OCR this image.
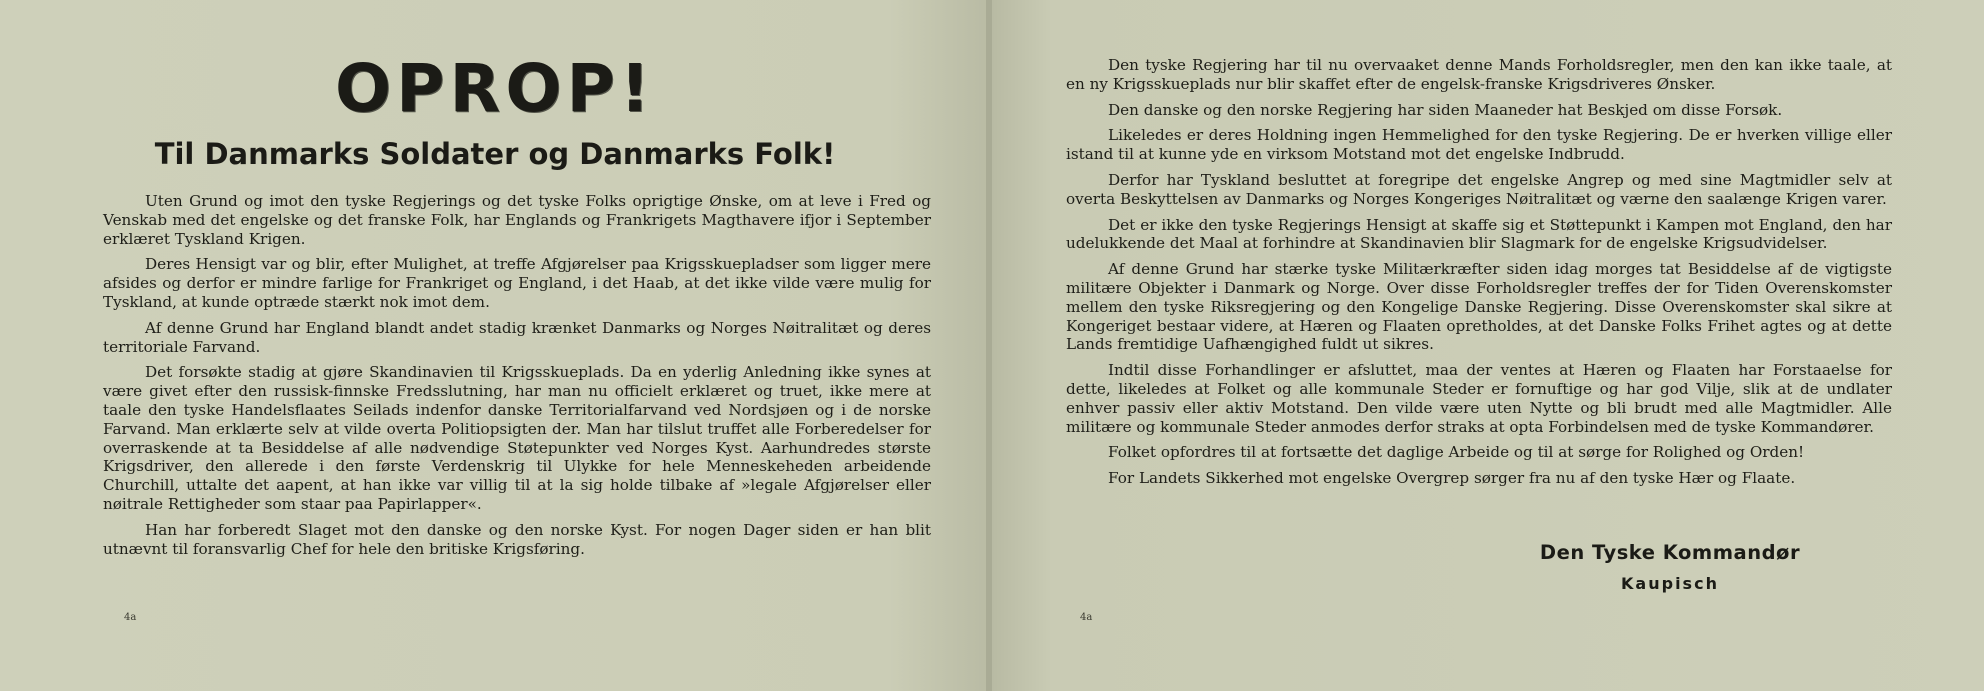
OPROP!
Til Danmarks Soldater og Danmarks Folk!

Uten Grund og imot den tyske Regjerings og det tyske Folks oprigtige Ønske, om at leve i Fred og Venskab med det engelske og det franske Folk, har Englands og Frankrigets Magthavere ifjor i September erklæret Tyskland Krigen.

Deres Hensigt var og blir, efter Mulighet, at treffe Afgjørelser paa Krigsskuepladser som ligger mere afsides og derfor er mindre farlige for Frankriget og England, i det Haab, at det ikke vilde være mulig for Tyskland, at kunde optræde stærkt nok imot dem.

Af denne Grund har England blandt andet stadig krænket Danmarks og Norges Nøitralitæt og deres territoriale Farvand.

Det forsøkte stadig at gjøre Skandinavien til Krigsskueplads. Da en yderlig Anledning ikke synes at være givet efter den russisk-finnske Fredsslutning, har man nu officielt erklæret og truet, ikke mere at taale den tyske Handelsflaates Seilads indenfor danske Territorialfarvand ved Nordsjøen og i de norske Farvand. Man erklærte selv at vilde overta Politiopsigten der. Man har tilslut truffet alle Forberedelser for overraskende at ta Besiddelse af alle nødvendige Støtepunkter ved Norges Kyst. Aarhundredes største Krigsdriver, den allerede i den første Verdenskrig til Ulykke for hele Menneskeheden arbeidende Churchill, uttalte det aapent, at han ikke var villig til at la sig holde tilbake af »legale Afgjørelser eller nøitrale Rettigheder som staar paa Papirlapper«.

Han har forberedt Slaget mot den danske og den norske Kyst. For nogen Dager siden er han blit utnævnt til foransvarlig Chef for hele den britiske Krigsføring.

Den tyske Regjering har til nu overvaaket denne Mands Forholdsregler, men den kan ikke taale, at en ny Krigsskueplads nur blir skaffet efter de engelsk-franske Krigsdriveres Ønsker.

Den danske og den norske Regjering har siden Maaneder hat Beskjed om disse Forsøk.

Likeledes er deres Holdning ingen Hemmelighed for den tyske Regjering. De er hverken villige eller istand til at kunne yde en virksom Motstand mot det engelske Indbrudd.

Derfor har Tyskland besluttet at foregripe det engelske Angrep og med sine Magtmidler selv at overta Beskyttelsen av Danmarks og Norges Kongeriges Nøitralitæt og værne den saalænge Krigen varer.

Det er ikke den tyske Regjerings Hensigt at skaffe sig et Støttepunkt i Kampen mot England, den har udelukkende det Maal at forhindre at Skandinavien blir Slagmark for de engelske Krigsudvidelser.

Af denne Grund har stærke tyske Militærkræfter siden idag morges tat Besiddelse af de vigtigste militære Objekter i Danmark og Norge. Over disse Forholdsregler treffes der for Tiden Overenskomster mellem den tyske Riksregjering og den Kongelige Danske Regjering. Disse Overenskomster skal sikre at Kongeriget bestaar videre, at Hæren og Flaaten opretholdes, at det Danske Folks Frihet agtes og at dette Lands fremtidige Uafhængighed fuldt ut sikres.

Indtil disse Forhandlinger er afsluttet, maa der ventes at Hæren og Flaaten har Forstaaelse for dette, likeledes at Folket og alle kommunale Steder er fornuftige og har god Vilje, slik at de undlater enhver passiv eller aktiv Motstand. Den vilde være uten Nytte og bli brudt med alle Magtmidler. Alle militære og kommunale Steder anmodes derfor straks at opta Forbindelsen med de tyske Kommandører.

Folket opfordres til at fortsætte det daglige Arbeide og til at sørge for Rolighed og Orden!

For Landets Sikkerhed mot engelske Overgrep sørger fra nu af den tyske Hær og Flaate.

Den Tyske Kommandør
Kaupisch
4a	4a
